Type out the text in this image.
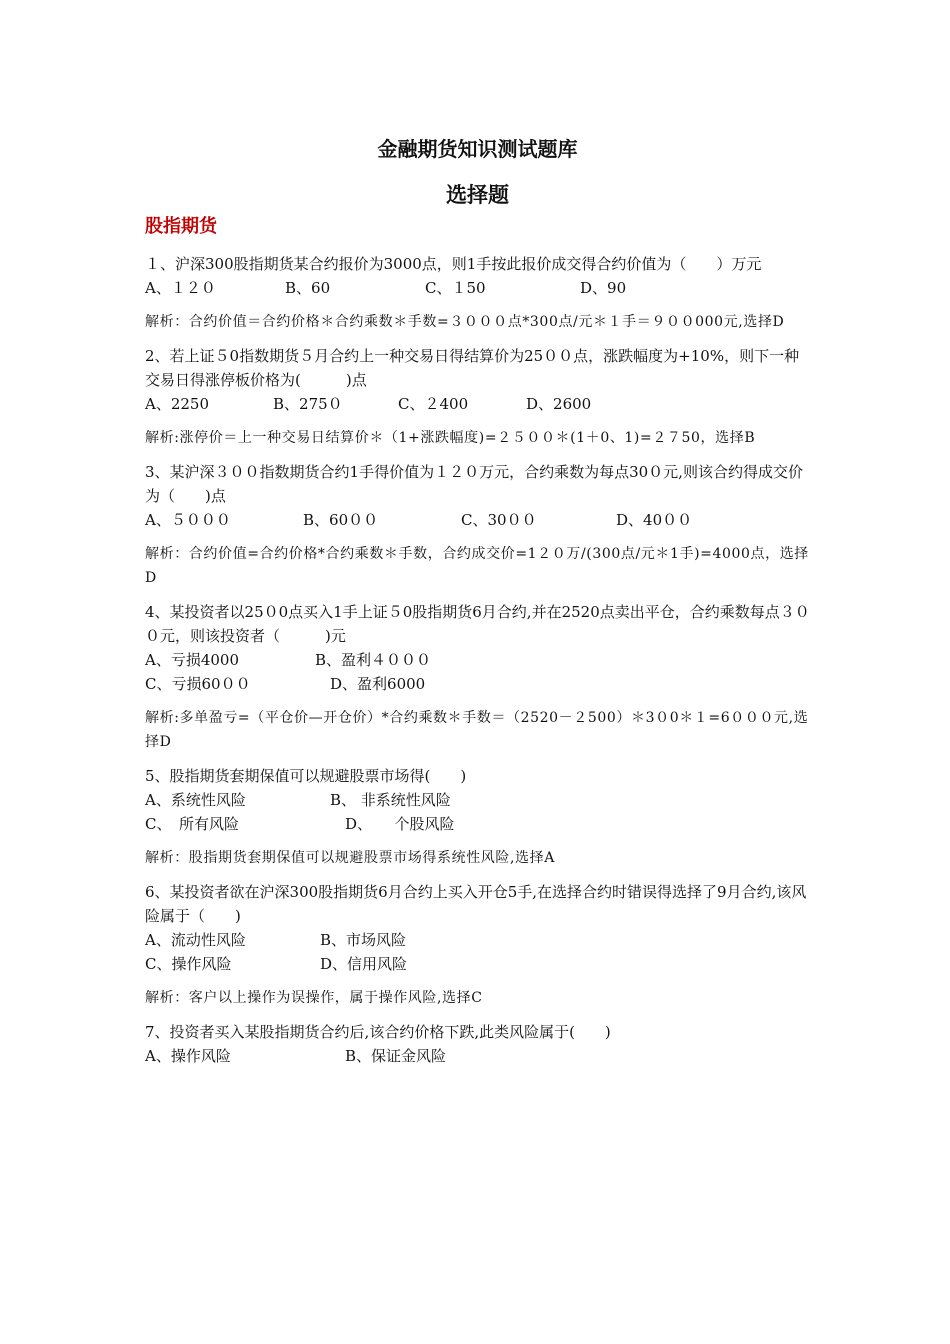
金融期货知识测试题库
选择题
股指期货

１、沪深300股指期货某合约报价为3000点，则1手按此报价成交得合约价值为（　　）万元

A、１２０	B、60	C、１50	D、90

解析：合约价值＝合约价格＊合约乘数＊手数=３０００点*300点/元＊１手＝９００000元,选择D

2、若上证５0指数期货５月合约上一种交易日得结算价为25００点，涨跌幅度为+10%，则下一种交易日得涨停板价格为(　　　)点

A、2250	B、275０	C、２400	D、2600

解析:涨停价＝上一种交易日结算价＊（1+涨跌幅度)=２５００＊(1＋0、1)=２７50，选择B

3、某沪深３００指数期货合约1手得价值为１２０万元，合约乘数为每点30０元,则该合约得成交价为（　　)点

A、５０００	B、60００	C、30００	D、40００

解析：合约价值=合约价格*合约乘数＊手数，合约成交价=1２０万/(300点/元＊1手)=4000点，选择D

4、某投资者以25０0点买入1手上证５0股指期货6月合约,并在2520点卖出平仓，合约乘数每点３００元，则该投资者（　　　)元

A、亏损4000	B、盈利４０００
C、亏损60００	D、盈利6000

解析:多单盈亏=（平仓价—开仓价）*合约乘数＊手数＝（2520－２500）＊3０0＊１=6０００元,选择D

5、股指期货套期保值可以规避股票市场得(　　)

A、系统性风险	B、 非系统性风险
C、　所有风险	D、　　个股风险

解析：股指期货套期保值可以规避股票市场得系统性风险,选择A

6、某投资者欲在沪深300股指期货6月合约上买入开仓5手,在选择合约时错误得选择了9月合约,该风险属于（　　)

A、流动性风险	B、市场风险
C、操作风险	D、信用风险

解析：客户以上操作为误操作，属于操作风险,选择C

7、投资者买入某股指期货合约后,该合约价格下跌,此类风险属于(　　)

A、操作风险	B、保证金风险
